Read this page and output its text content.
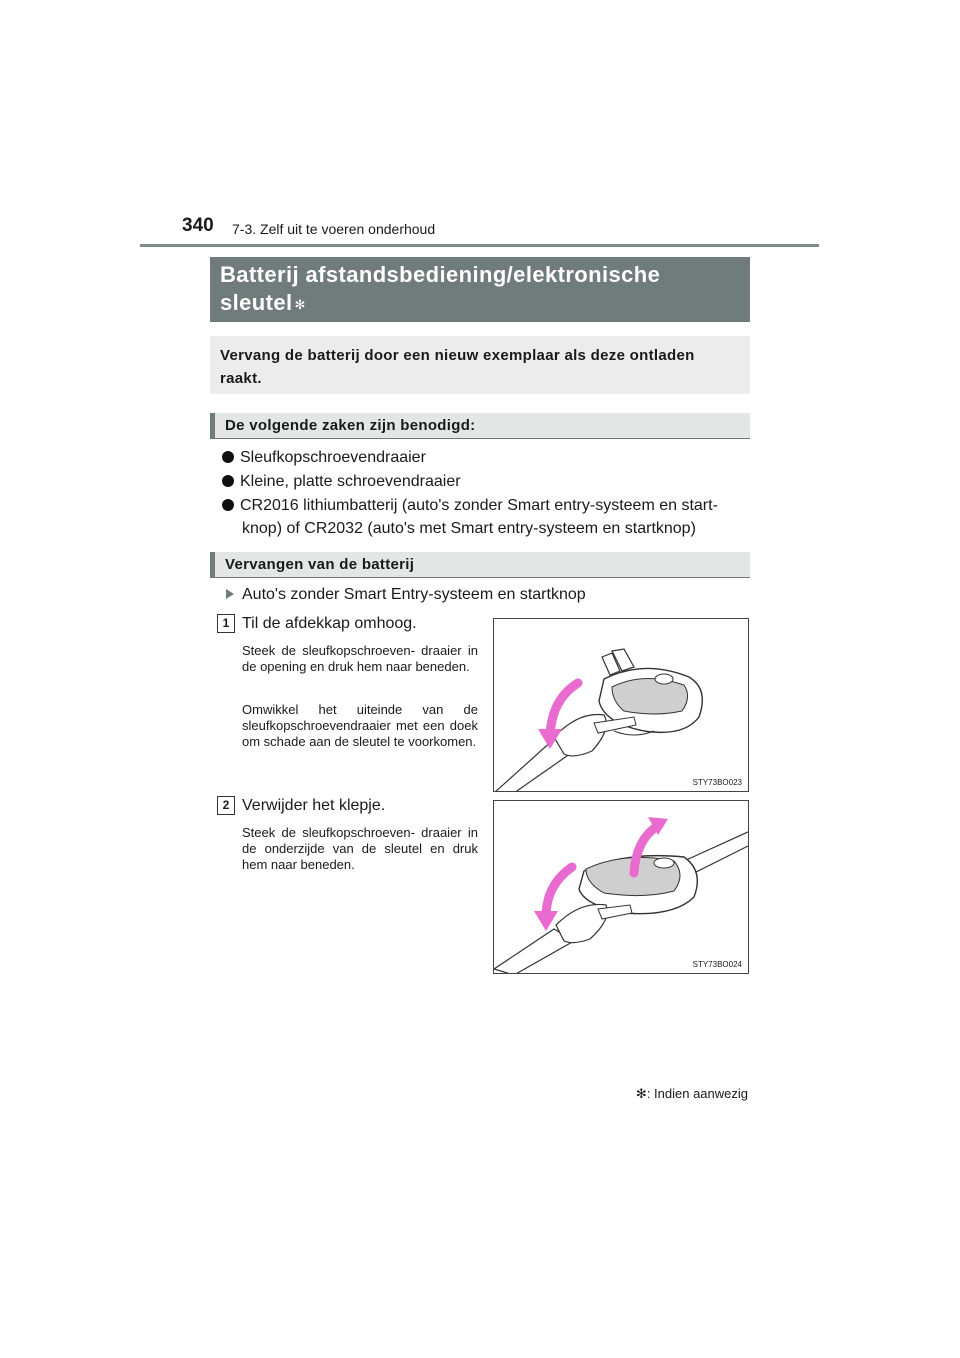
340 7-3. Zelf uit te voeren onderhoud
Batterij afstandsbediening/elektronische sleutel ✻
Vervang de batterij door een nieuw exemplaar als deze ontladen raakt.
De volgende zaken zijn benodigd:
Sleufkopschroevendraaier
Kleine, platte schroevendraaier
CR2016 lithiumbatterij (auto's zonder Smart entry-systeem en start-
knop) of CR2032 (auto's met Smart entry-systeem en startknop)
Vervangen van de batterij
Auto's zonder Smart Entry-systeem en startknop
1 Til de afdekkap omhoog.
Steek de sleufkopschroeven- draaier in de opening en druk hem naar beneden.
Omwikkel het uiteinde van de sleufkopschroevendraaier met een doek om schade aan de sleutel te voorkomen.
STY73BO023
2 Verwijder het klepje.
Steek de sleufkopschroeven- draaier in de onderzijde van de sleutel en druk hem naar beneden.
STY73BO024
✻: Indien aanwezig
